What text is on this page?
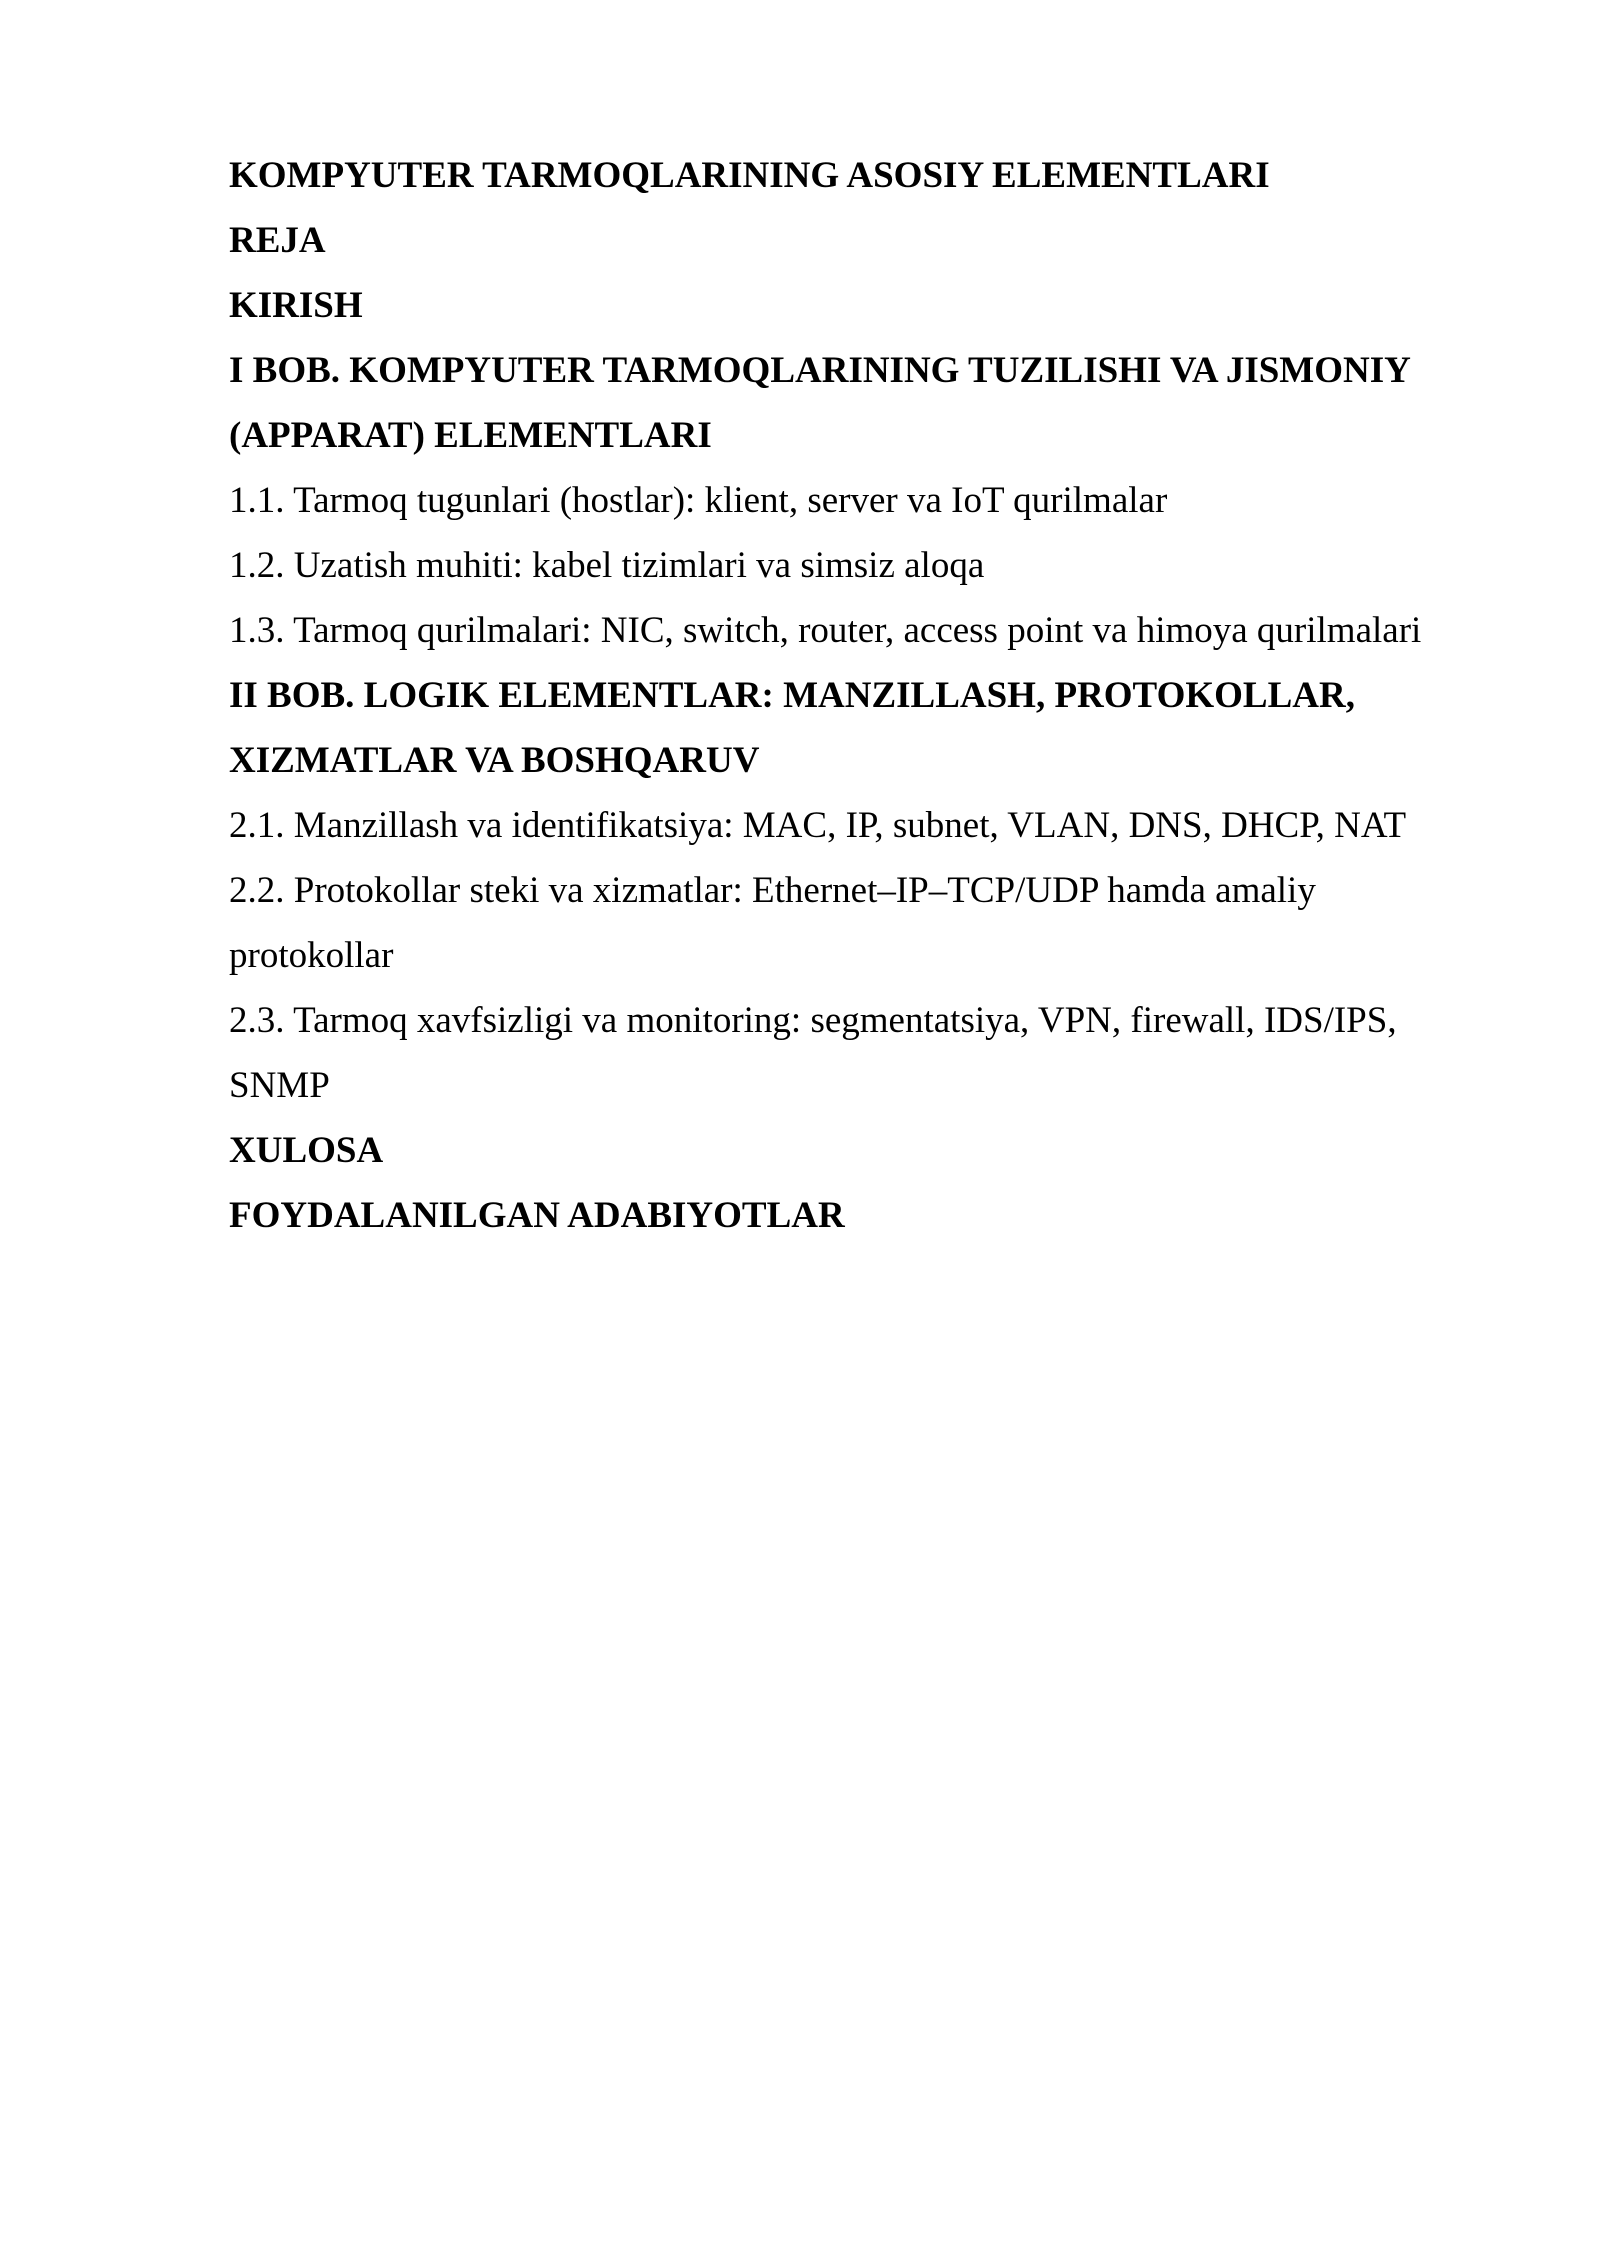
KOMPYUTER TARMOQLARINING ASOSIY ELEMENTLARI

REJA

KIRISH

I BOB. KOMPYUTER TARMOQLARINING TUZILISHI VA JISMONIY (APPARAT) ELEMENTLARI

1.1. Tarmoq tugunlari (hostlar): klient, server va IoT qurilmalar

1.2. Uzatish muhiti: kabel tizimlari va simsiz aloqa

1.3. Tarmoq qurilmalari: NIC, switch, router, access point va himoya qurilmalari

II BOB. LOGIK ELEMENTLAR: MANZILLASH, PROTOKOLLAR, XIZMATLAR VA BOSHQARUV

2.1. Manzillash va identifikatsiya: MAC, IP, subnet, VLAN, DNS, DHCP, NAT

2.2. Protokollar steki va xizmatlar: Ethernet–IP–TCP/UDP hamda amaliy protokollar

2.3. Tarmoq xavfsizligi va monitoring: segmentatsiya, VPN, firewall, IDS/IPS, SNMP

XULOSA

FOYDALANILGAN ADABIYOTLAR
